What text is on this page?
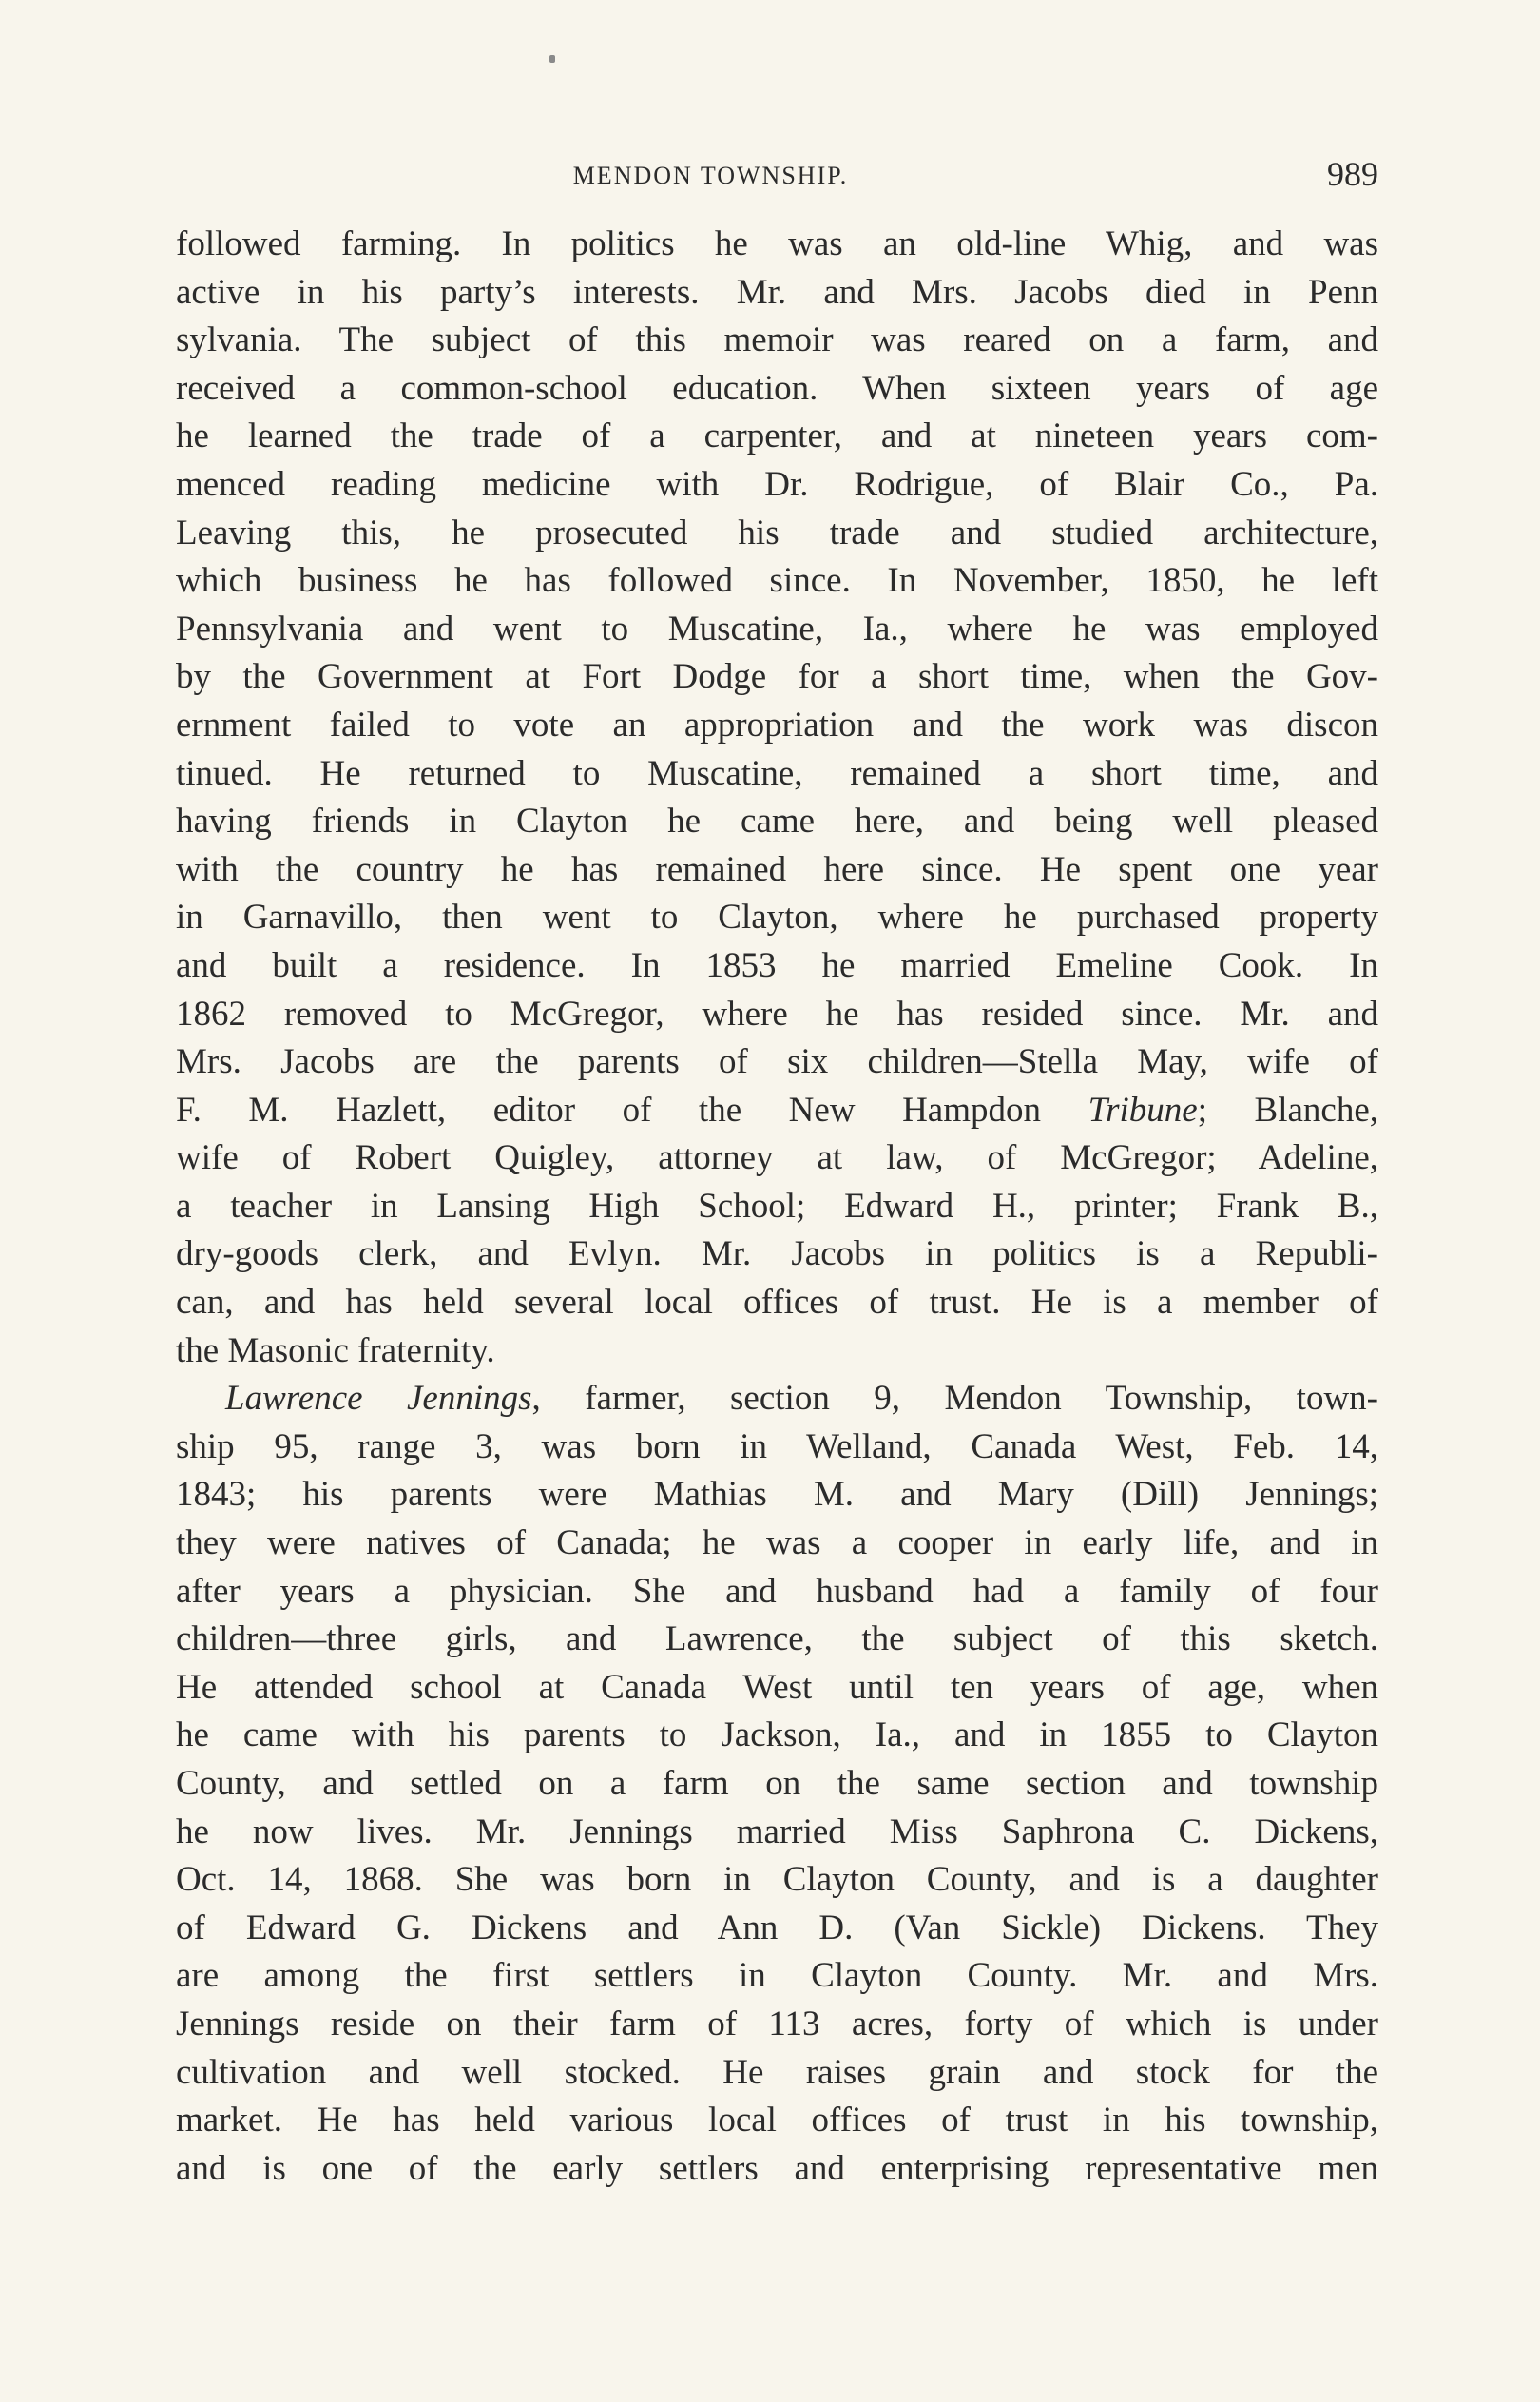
MENDON TOWNSHIP.	989
followed farming. In politics he was an old-line Whig, and was
active in his party’s interests. Mr. and Mrs. Jacobs died in Penn
sylvania. The subject of this memoir was reared on a farm, and
received a common-school education. When sixteen years of age
he learned the trade of a carpenter, and at nineteen years com-
menced reading medicine with Dr. Rodrigue, of Blair Co., Pa.
Leaving this, he prosecuted his trade and studied architecture,
which business he has followed since. In November, 1850, he left
Pennsylvania and went to Muscatine, Ia., where he was employed
by the Government at Fort Dodge for a short time, when the Gov-
ernment failed to vote an appropriation and the work was discon
tinued. He returned to Muscatine, remained a short time, and
having friends in Clayton he came here, and being well pleased
with the country he has remained here since. He spent one year
in Garnavillo, then went to Clayton, where he purchased property
and built a residence. In 1853 he married Emeline Cook. In
1862 removed to McGregor, where he has resided since. Mr. and
Mrs. Jacobs are the parents of six children—Stella May, wife of
F. M. Hazlett, editor of the New Hampdon Tribune; Blanche,
wife of Robert Quigley, attorney at law, of McGregor; Adeline,
a teacher in Lansing High School; Edward H., printer; Frank B.,
dry-goods clerk, and Evlyn. Mr. Jacobs in politics is a Republi-
can, and has held several local offices of trust. He is a member of
the Masonic fraternity.
Lawrence Jennings, farmer, section 9, Mendon Township, town-
ship 95, range 3, was born in Welland, Canada West, Feb. 14,
1843; his parents were Mathias M. and Mary (Dill) Jennings;
they were natives of Canada; he was a cooper in early life, and in
after years a physician. She and husband had a family of four
children—three girls, and Lawrence, the subject of this sketch.
He attended school at Canada West until ten years of age, when
he came with his parents to Jackson, Ia., and in 1855 to Clayton
County, and settled on a farm on the same section and township
he now lives. Mr. Jennings married Miss Saphrona C. Dickens,
Oct. 14, 1868. She was born in Clayton County, and is a daughter
of Edward G. Dickens and Ann D. (Van Sickle) Dickens. They
are among the first settlers in Clayton County. Mr. and Mrs.
Jennings reside on their farm of 113 acres, forty of which is under
cultivation and well stocked. He raises grain and stock for the
market. He has held various local offices of trust in his township,
and is one of the early settlers and enterprising representative men
